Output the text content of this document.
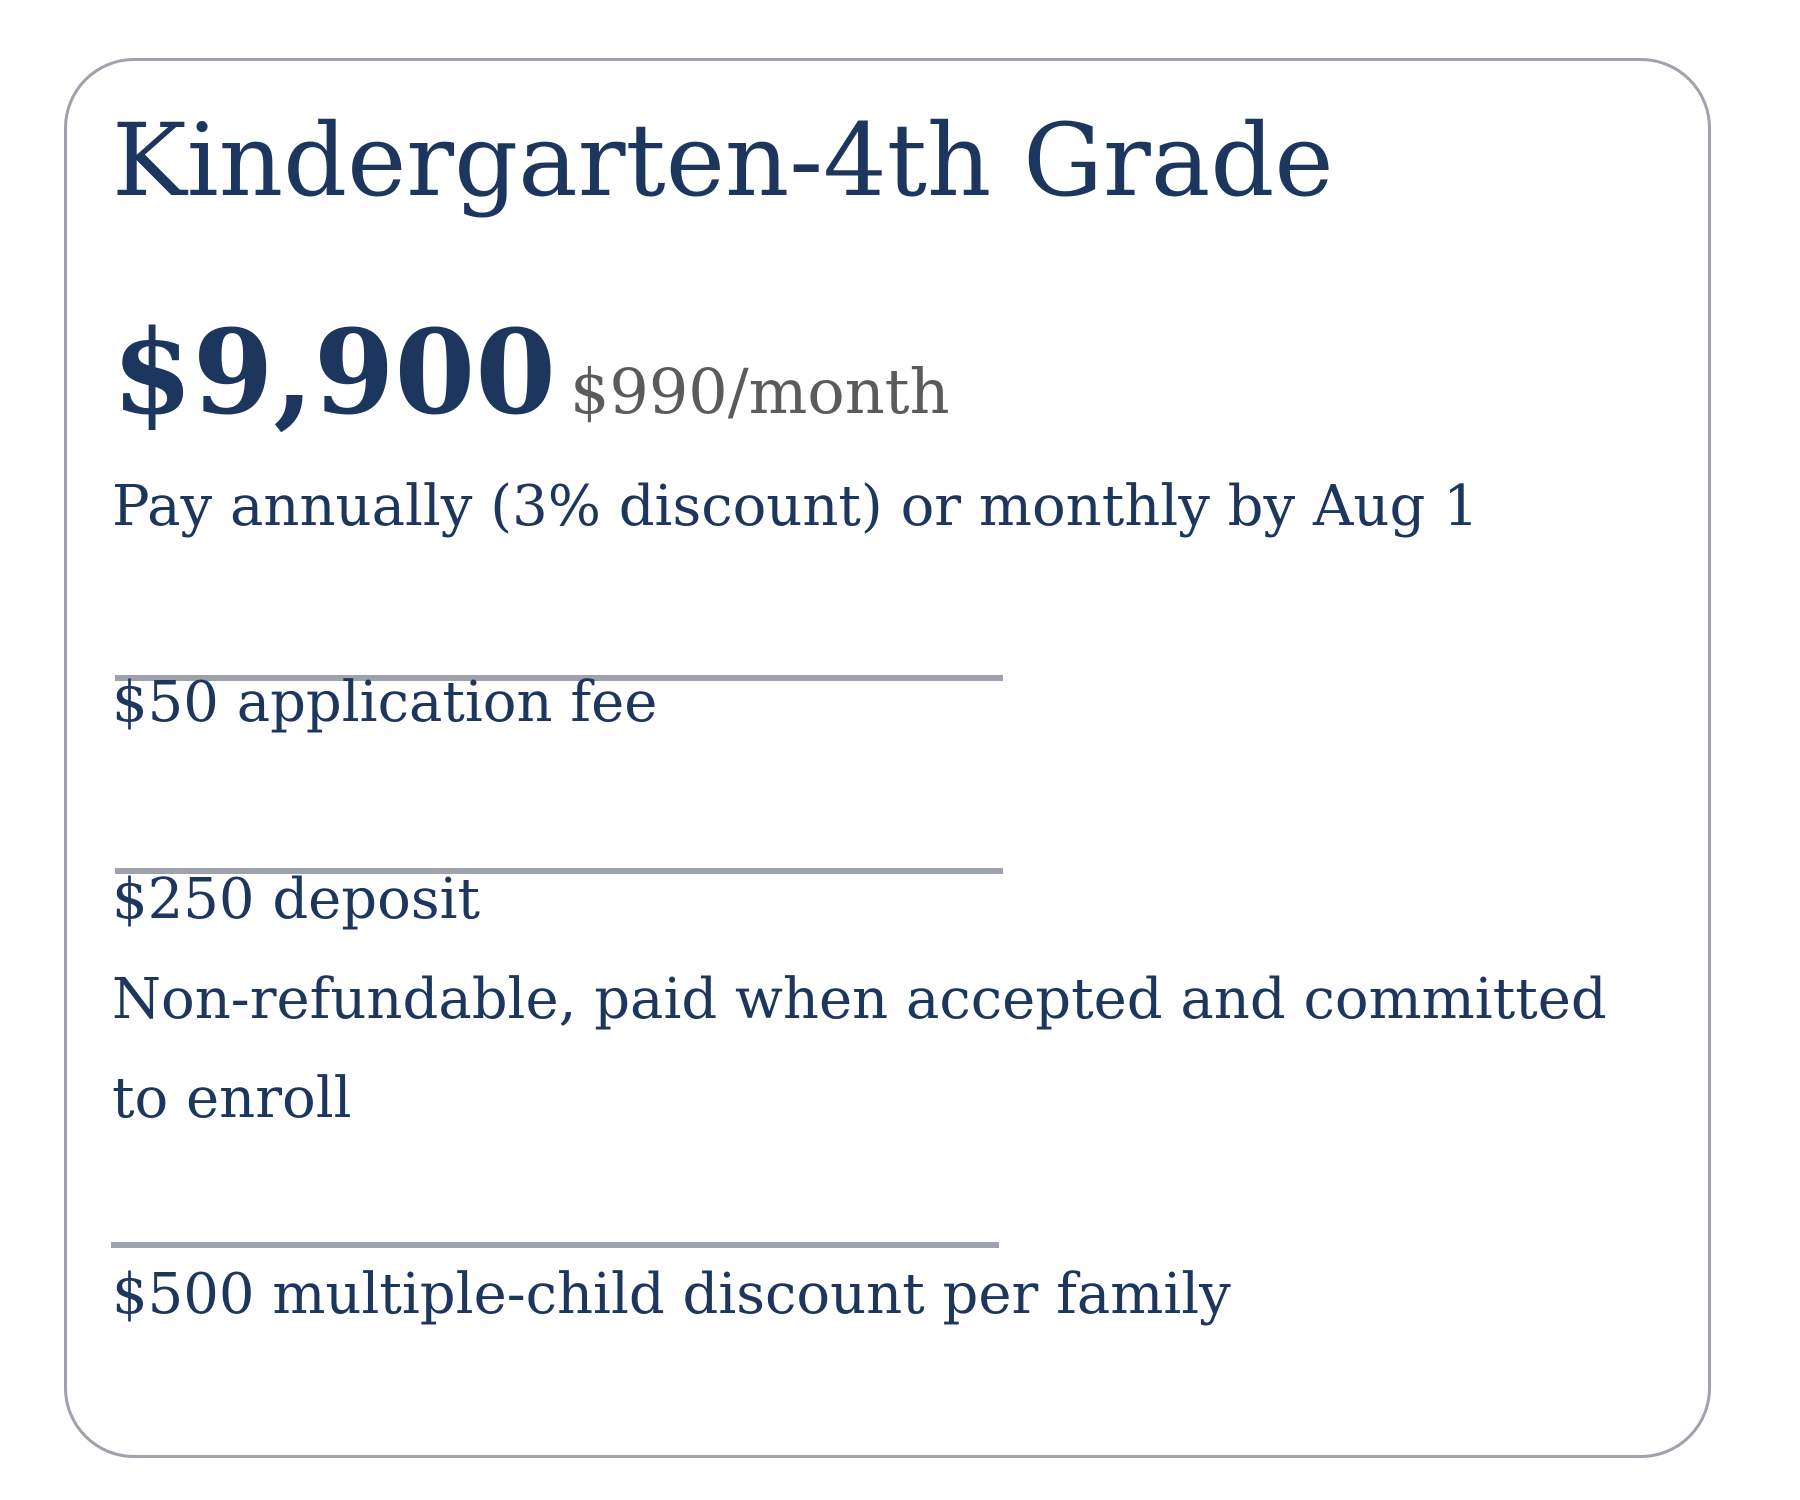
Kindergarten-4th Grade
$9,900 $990/month

Pay annually (3% discount) or monthly by Aug 1

$50 application fee

$250 deposit

Non-refundable, paid when accepted and committed

to enroll

$500 multiple-child discount per family
